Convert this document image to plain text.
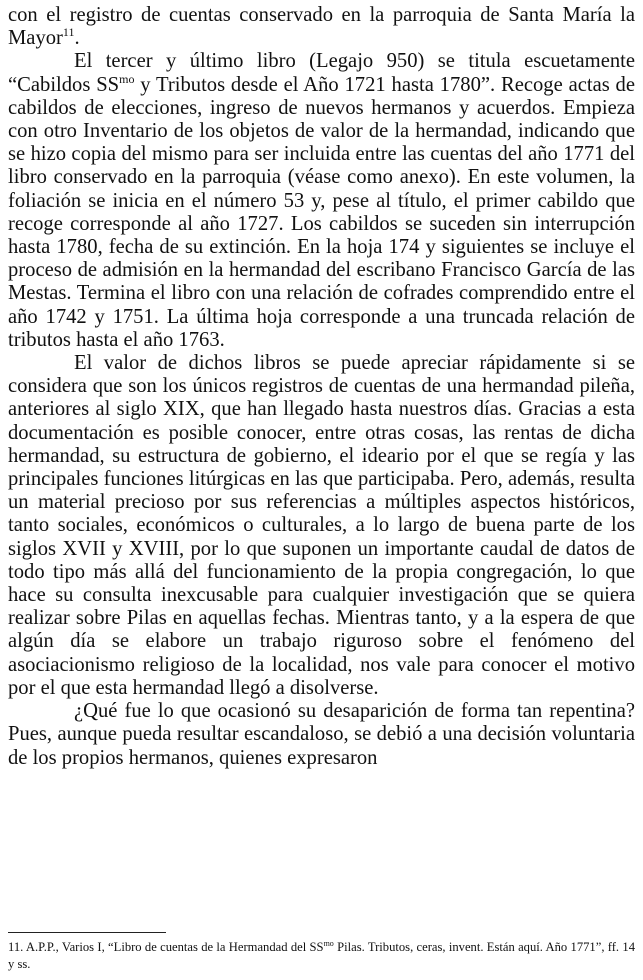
con el registro de cuentas conservado en la parroquia de Santa María la Mayor$^{11}$.

El tercer y último libro (Legajo 950) se titula escuetamente “Cabildos $SS^{mo}$ y Tributos desde el Año 1721 hasta 1780”. Recoge actas de cabildos de elecciones, ingreso de nuevos hermanos y acuerdos. Empieza con otro Inventario de los objetos de valor de la hermandad, indicando que se hizo copia del mismo para ser incluida entre las cuentas del año 1771 del libro conservado en la parroquia (véase como anexo). En este volumen, la foliación se inicia en el número 53 y, pese al título, el primer cabildo que recoge corresponde al año 1727. Los cabildos se suceden sin interrupción hasta 1780, fecha de su extinción. En la hoja 174 y siguientes se incluye el proceso de admisión en la hermandad del escribano Francisco García de las Mestas. Termina el libro con una relación de cofrades comprendido entre el año 1742 y 1751. La última hoja corresponde a una truncada relación de tributos hasta el año 1763.

El valor de dichos libros se puede apreciar rápidamente si se considera que son los únicos registros de cuentas de una hermandad pileña, anteriores al siglo XIX, que han llegado hasta nuestros días. Gracias a esta documentación es posible conocer, entre otras cosas, las rentas de dicha hermandad, su estructura de gobierno, el ideario por el que se regía y las principales funciones litúrgicas en las que participaba. Pero, además, resulta un material precioso por sus referencias a múltiples aspectos históricos, tanto sociales, económicos o culturales, a lo largo de buena parte de los siglos XVII y XVIII, por lo que suponen un importante caudal de datos de todo tipo más allá del funcionamiento de la propia congregación, lo que hace su consulta inexcusable para cualquier investigación que se quiera realizar sobre Pilas en aquellas fechas. Mientras tanto, y a la espera de que algún día se elabore un trabajo riguroso sobre el fenómeno del asociacionismo religioso de la localidad, nos vale para conocer el motivo por el que esta hermandad llegó a disolverse.

¿Qué fue lo que ocasionó su desaparición de forma tan repentina? Pues, aunque pueda resultar escandaloso, se debió a una decisión voluntaria de los propios hermanos, quienes expresaron

11. A.P.P., Varios I, “Libro de cuentas de la Hermandad del $SS^{mo}$ Pilas. Tributos, ceras, invent. Están aquí. Año 1771”, ff. 14 y ss.
